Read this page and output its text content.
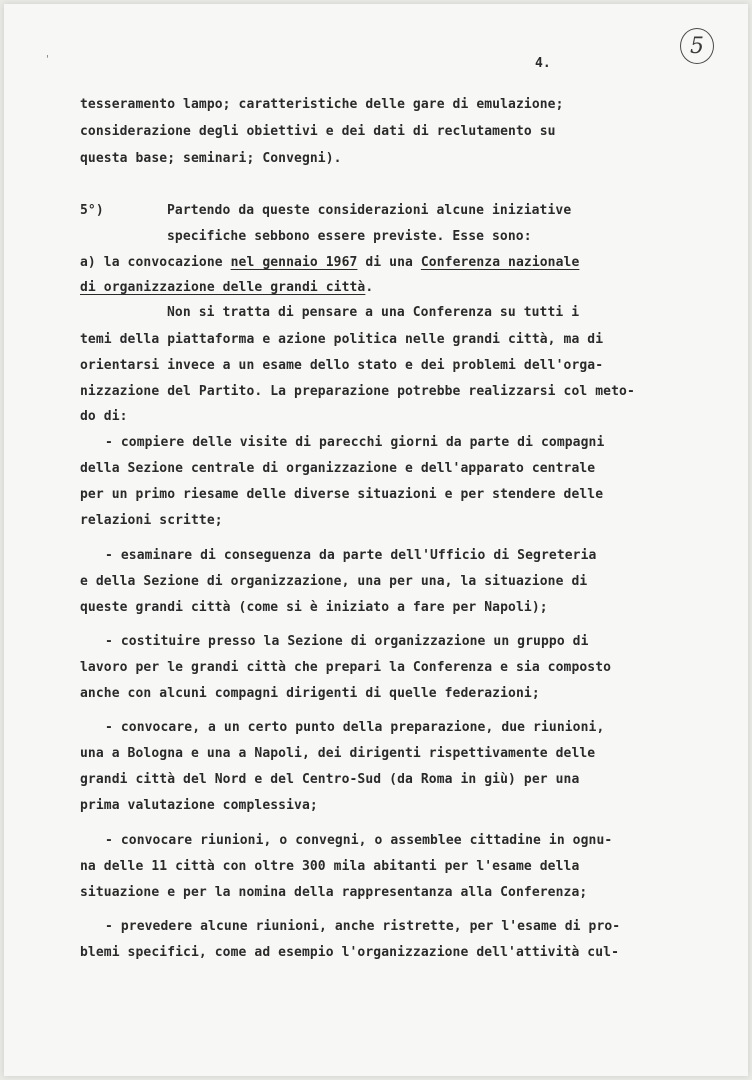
'	4.
5
tesseramento lampo; caratteristiche delle gare di emulazione;
considerazione degli obiettivi e dei dati di reclutamento su
questa base; seminari; Convegni).
5°)	Partendo da queste considerazioni alcune iniziative
specifiche sebbono essere previste. Esse sono:
a) la convocazione nel gennaio 1967 di una Conferenza nazionale
di organizzazione delle grandi città.
Non si tratta di pensare a una Conferenza su tutti i
temi della piattaforma e azione politica nelle grandi città, ma di
orientarsi invece a un esame dello stato e dei problemi dell'orga-
nizzazione del Partito. La preparazione potrebbe realizzarsi col meto-
do di:
- compiere delle visite di parecchi giorni da parte di compagni
della Sezione centrale di organizzazione e dell'apparato centrale
per un primo riesame delle diverse situazioni e per stendere delle
relazioni scritte;
- esaminare di conseguenza da parte dell'Ufficio di Segreteria
e della Sezione di organizzazione, una per una, la situazione di
queste grandi città (come si è iniziato a fare per Napoli);
- costituire presso la Sezione di organizzazione un gruppo di
lavoro per le grandi città che prepari la Conferenza e sia composto
anche con alcuni compagni dirigenti di quelle federazioni;
- convocare, a un certo punto della preparazione, due riunioni,
una a Bologna e una a Napoli, dei dirigenti rispettivamente delle
grandi città del Nord e del Centro-Sud (da Roma in giù) per una
prima valutazione complessiva;
- convocare riunioni, o convegni, o assemblee cittadine in ognu-
na delle 11 città con oltre 300 mila abitanti per l'esame della
situazione e per la nomina della rappresentanza alla Conferenza;
- prevedere alcune riunioni, anche ristrette, per l'esame di pro-
blemi specifici, come ad esempio l'organizzazione dell'attività cul-
